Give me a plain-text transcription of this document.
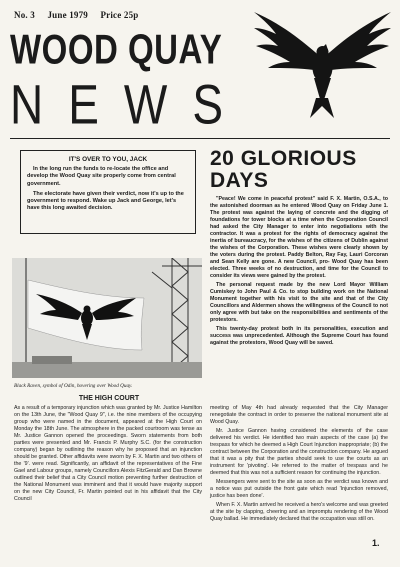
No. 3 June 1979 Price 25p
WOOD QUAY
NEWS
IT'S OVER TO YOU, JACK

In the long run the funds to re-locate the office and develop the Wood Quay site properly come from central government.

The electorate have given their verdict, now it's up to the government to respond. Wake up Jack and George, let's have this long awaited decision.

Black Raven, symbol of Odin, hovering over Wood Quay.
20 GLORIOUS DAYS

"Peace! We come in peaceful protest" said F. X. Martin, O.S.A., to the astonished doorman as he entered Wood Quay on Friday June 1. The protest was against the laying of concrete and the digging of foundations for tower blocks at a time when the Corporation Council had asked the City Manager to enter into negotiations with the contractor. It was a protest for the rights of democracy against the inertia of bureaucracy, for the wishes of the citizens of Dublin against the wishes of the Corporation. These wishes were clearly shown by the voters during the protest. Paddy Belton, Ray Fay, Lauri Corcoran and Sean Kelly are gone. A new Council, pro- Wood Quay has been elected. Three weeks of no destruction, and time for the Council to consider its views were gained by the protest.

The personal request made by the new Lord Mayor William Cumiskey to John Paul & Co. to stop building work on the National Monument together with his visit to the site and that of the City Councillors and Aldermen shows the willingness of the Council to not only agree with but take on the responsibilities and sentiments of the protestors.

This twenty-day protest both in its personalities, execution and success was unprecedented. Although the Supreme Court has found against the protestors, Wood Quay will be saved.

THE HIGH COURT

As a result of a temporary injunction which was granted by Mr. Justice Hamilton on the 13th June, the "Wood Quay 9", i.e. the nine members of the occupying group who were named in the document, appeared at the High Court on Monday the 18th June. The atmosphere in the packed courtroom was tense as Mr. Justice Gannon opened the proceedings. Sworn statements from both parties were presented and Mr. Francis P. Murphy S.C. (for the construction company) began by outlining the reason why he proposed that an injunction should be granted. Other affidavits were sworn by F. X. Martin and two others of the '9'. were read. Significantly, an affidavit of the representatives of the Fine Gael and Labour groups, namely Councillors Alexis FitzGerald and Dan Browne outlined their belief that a City Council motion preventing further destruction of the National Monument was imminent and that it would have majority support on the new City Council, Fr. Martin pointed out in his affidavit that the City Council

meeting of May 4th had already requested that the City Manager renegotiate the contract in order to preserve the national monument site at Wood Quay.

Mr. Justice Gannon having considered the elements of the case delivered his verdict. He identified two main aspects of the case (a) the trespass for which he deemed a High Court Injunction inappropriate; (b) the contract between the Corporation and the construction company. He argued that it was a pity that the parties should seek to use the courts as an instrument for 'pivoting'. He referred to the matter of trespass and he deemed that this was not a sufficient reason for continuing the injunction.

Messengers were sent to the site as soon as the verdict was known and a notice was put outside the front gate which read 'Injunction removed, justice has been done'.

When F. X. Martin arrived he received a hero's welcome and was greeted at the site by clapping, cheering and an impromptu rendering of the Wood Quay ballad. He immediately declared that the occupation was still on.

1.
